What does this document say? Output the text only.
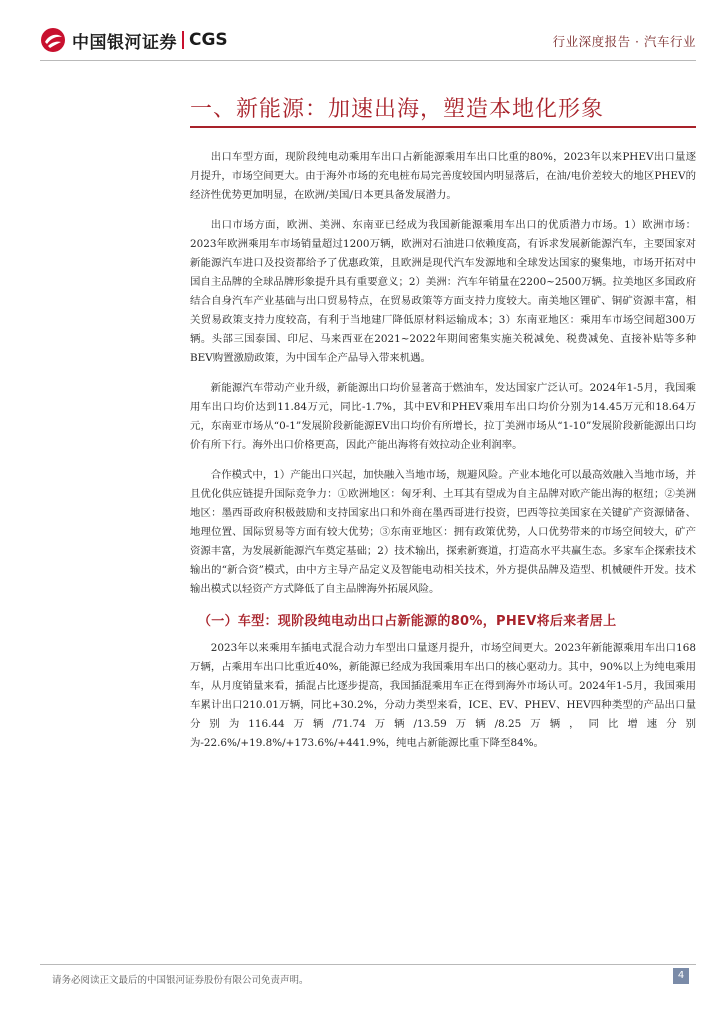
中国银河证券 CGS	行业深度报告 · 汽车行业
一、新能源：加速出海，塑造本地化形象

出口车型方面，现阶段纯电动乘用车出口占新能源乘用车出口比重的80%，2023年以来PHEV出口量逐月提升，市场空间更大。由于海外市场的充电桩布局完善度较国内明显落后，在油/电价差较大的地区PHEV的经济性优势更加明显，在欧洲/美国/日本更具备发展潜力。

出口市场方面，欧洲、美洲、东南亚已经成为我国新能源乘用车出口的优质潜力市场。1）欧洲市场：2023年欧洲乘用车市场销量超过1200万辆，欧洲对石油进口依赖度高，有诉求发展新能源汽车，主要国家对新能源汽车进口及投资都给予了优惠政策，且欧洲是现代汽车发源地和全球发达国家的聚集地，市场开拓对中国自主品牌的全球品牌形象提升具有重要意义；2）美洲：汽车年销量在2200~2500万辆。拉美地区多国政府结合自身汽车产业基础与出口贸易特点，在贸易政策等方面支持力度较大。南美地区锂矿、铜矿资源丰富，相关贸易政策支持力度较高，有利于当地建厂降低原材料运输成本；3）东南亚地区：乘用车市场空间超300万辆。头部三国泰国、印尼、马来西亚在2021~2022年期间密集实施关税减免、税费减免、直接补贴等多种BEV购置激励政策，为中国车企产品导入带来机遇。

新能源汽车带动产业升级，新能源出口均价显著高于燃油车，发达国家广泛认可。2024年1-5月，我国乘用车出口均价达到11.84万元，同比-1.7%，其中EV和PHEV乘用车出口均价分别为14.45万元和18.64万元，东南亚市场从“0-1”发展阶段新能源EV出口均价有所增长，拉丁美洲市场从“1-10”发展阶段新能源出口均价有所下行。海外出口价格更高，因此产能出海将有效拉动企业利润率。

合作模式中，1）产能出口兴起，加快融入当地市场，规避风险。产业本地化可以最高效融入当地市场，并且优化供应链提升国际竞争力：①欧洲地区：匈牙利、土耳其有望成为自主品牌对欧产能出海的枢纽；②美洲地区：墨西哥政府积极鼓励和支持国家出口和外商在墨西哥进行投资，巴西等拉美国家在关键矿产资源储备、地理位置、国际贸易等方面有较大优势；③东南亚地区：拥有政策优势，人口优势带来的市场空间较大，矿产资源丰富，为发展新能源汽车奠定基础；2）技术输出，探索新赛道，打造高水平共赢生态。多家车企探索技术输出的“新合资”模式，由中方主导产品定义及智能电动相关技术，外方提供品牌及造型、机械硬件开发。技术输出模式以轻资产方式降低了自主品牌海外拓展风险。

（一）车型：现阶段纯电动出口占新能源的80%，PHEV将后来者居上

2023年以来乘用车插电式混合动力车型出口量逐月提升，市场空间更大。2023年新能源乘用车出口168万辆，占乘用车出口比重近40%，新能源已经成为我国乘用车出口的核心驱动力。其中，90%以上为纯电乘用车，从月度销量来看，插混占比逐步提高，我国插混乘用车正在得到海外市场认可。2024年1-5月，我国乘用车累计出口210.01万辆，同比+30.2%，分动力类型来看，ICE、EV、PHEV、HEV四种类型的产品出口量分别为116.44万辆/71.74万辆/13.59万辆/8.25万辆，同比增速分别为-22.6%/+19.8%/+173.6%/+441.9%，纯电占新能源比重下降至84%。

请务必阅读正文最后的中国银河证券股份有限公司免责声明。	4
